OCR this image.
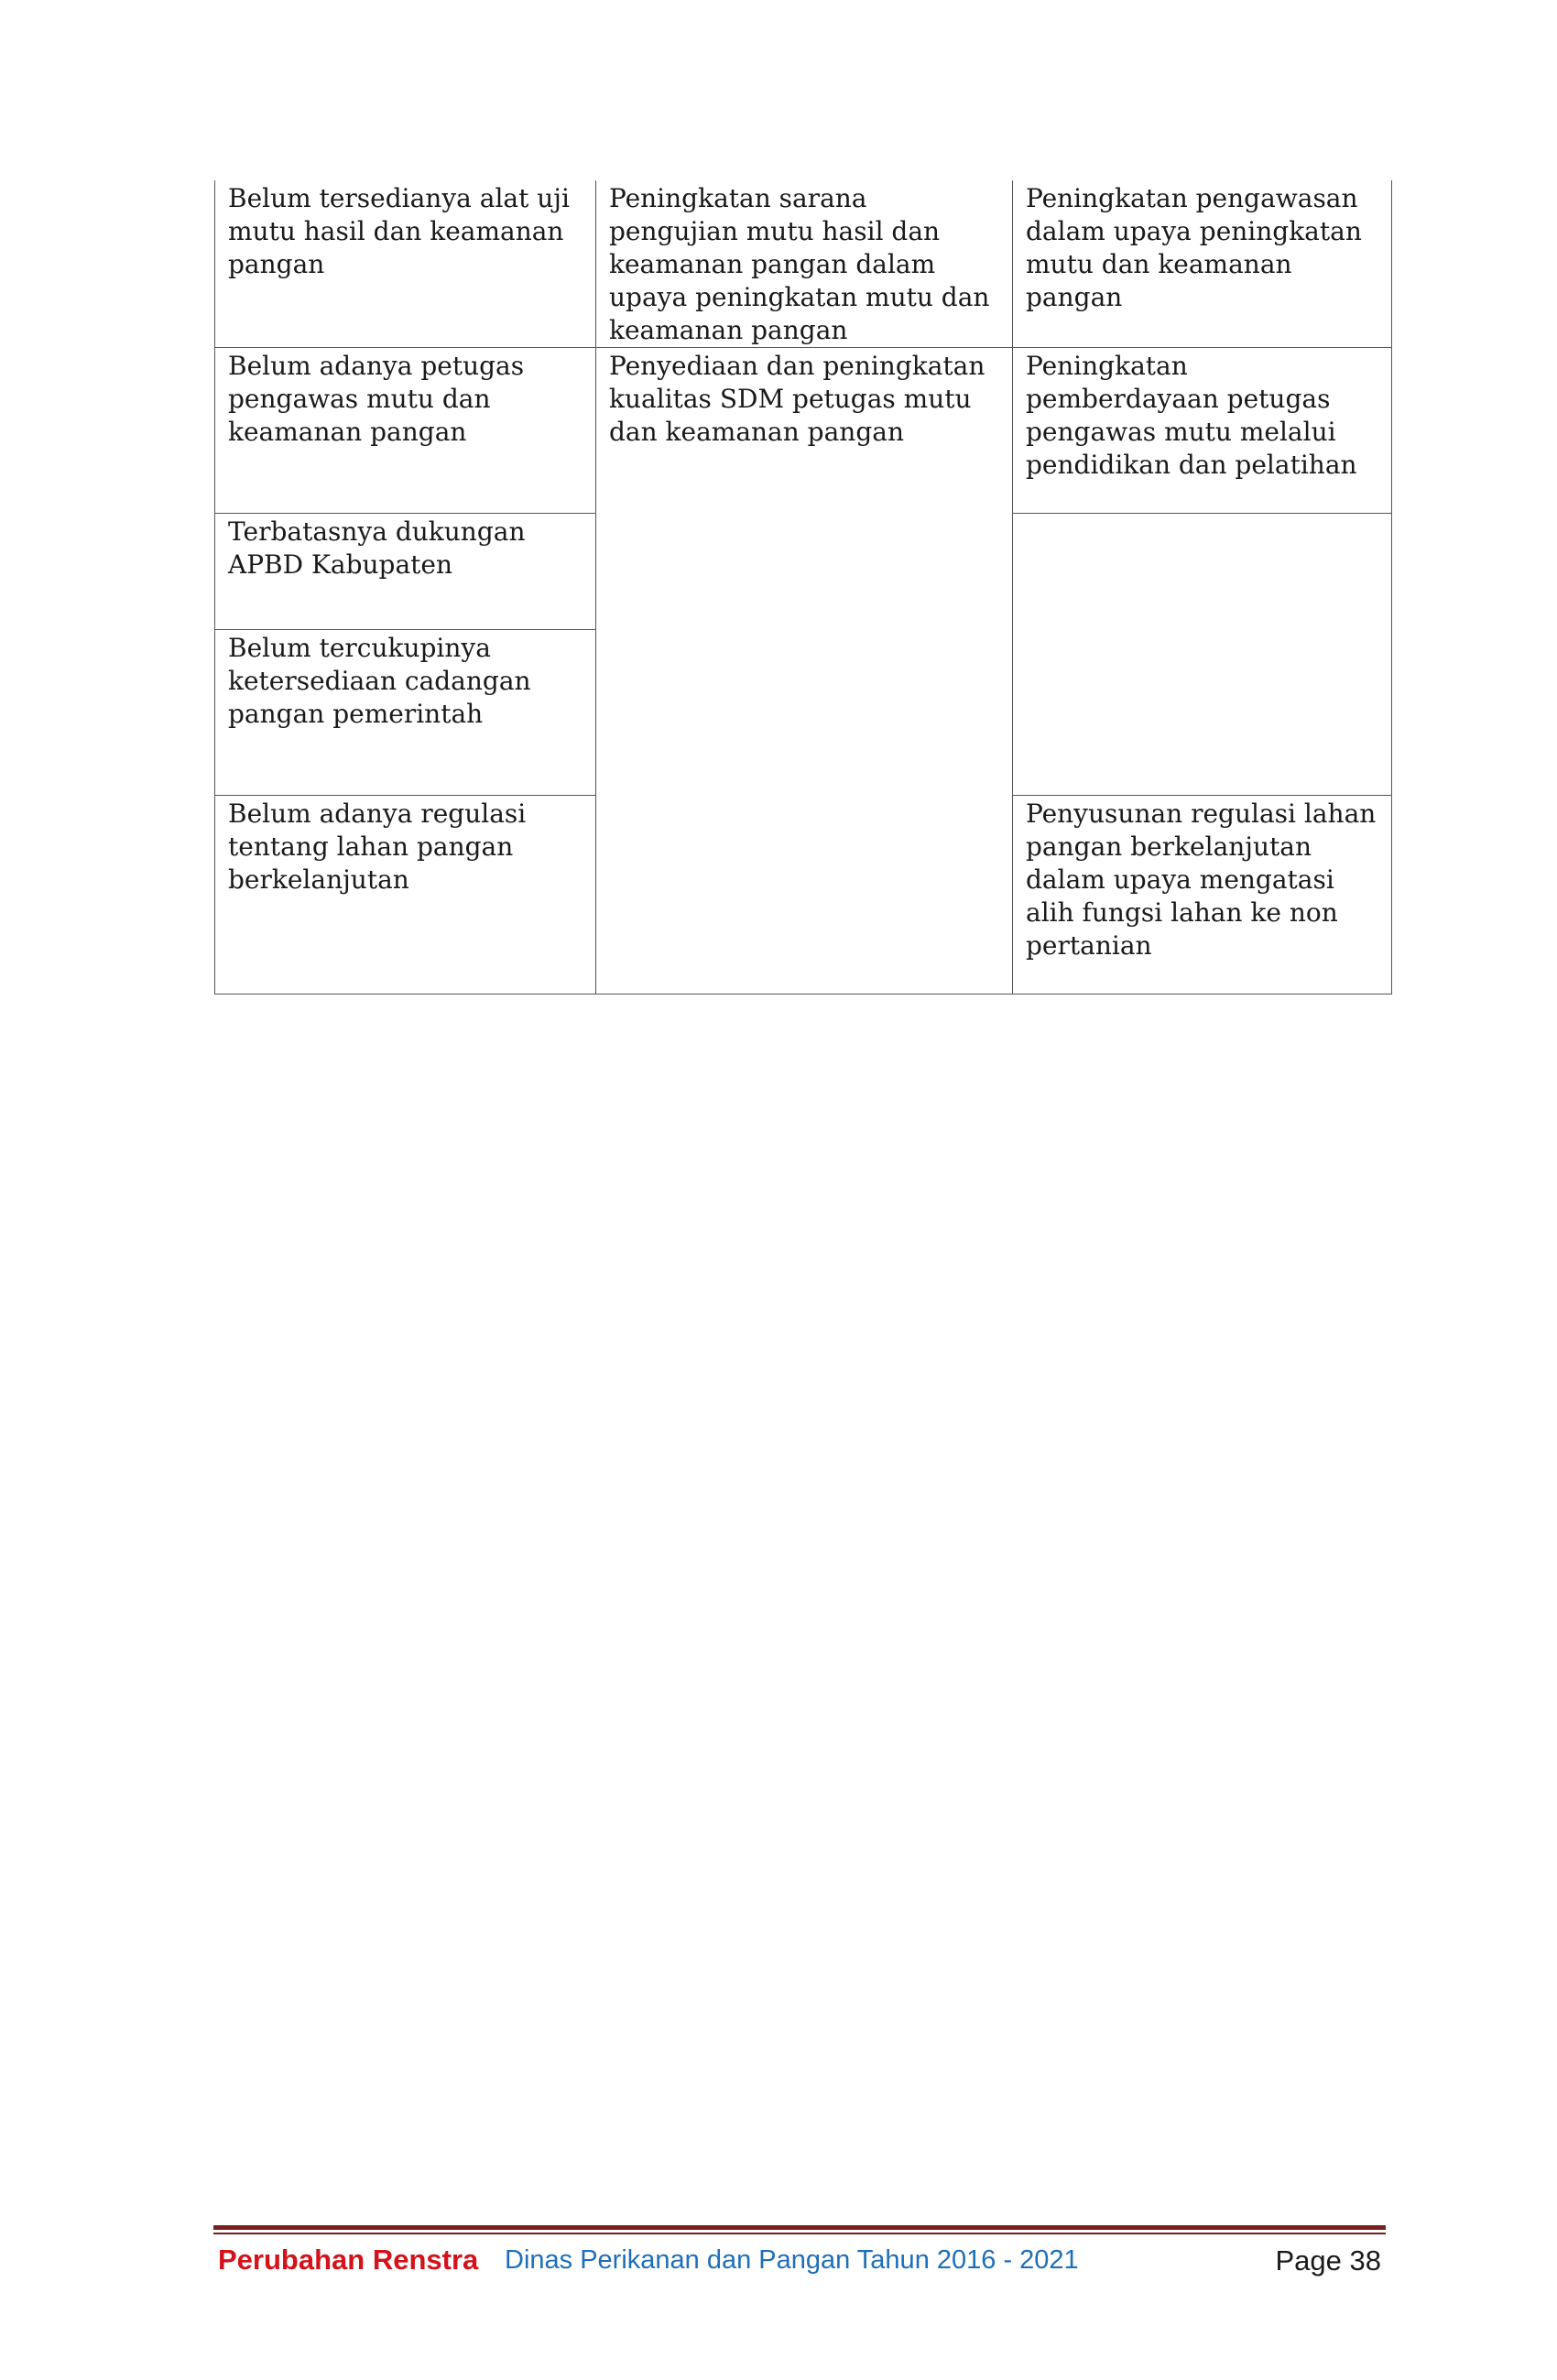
Belum tersedianya alat uji mutu hasil dan keamanan pangan	Peningkatan sarana pengujian mutu hasil dan keamanan pangan dalam upaya peningkatan mutu dan keamanan pangan	Peningkatan pengawasan dalam upaya peningkatan mutu dan keamanan pangan
Belum adanya petugas pengawas mutu dan keamanan pangan	Penyediaan dan peningkatan kualitas SDM petugas mutu dan keamanan pangan	Peningkatan pemberdayaan petugas pengawas mutu melalui pendidikan dan pelatihan
Terbatasnya dukungan APBD Kabupaten		
Belum tercukupinya ketersediaan cadangan pangan pemerintah		
Belum adanya regulasi tentang lahan pangan berkelanjutan		Penyusunan regulasi lahan pangan berkelanjutan dalam upaya mengatasi alih fungsi lahan ke non pertanian
Perubahan Renstra Dinas Perikanan dan Pangan Tahun 2016 - 2021	Page 38
